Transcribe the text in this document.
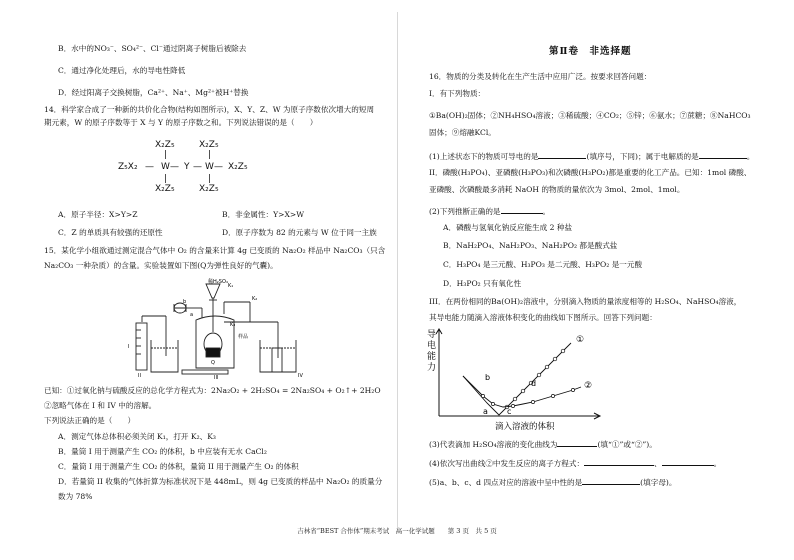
B．水中的NO₃⁻、SO₄²⁻、Cl⁻通过阴离子树脂后被除去
C．通过净化处理后，水的导电性降低
D．经过阳离子交换树脂，Ca²⁺、Na⁺、Mg²⁺被H⁺替换
14．科学家合成了一种新的共价化合物(结构如图所示)，X、Y、Z、W 为原子序数依次增大的短周
期元素，W 的原子序数等于 X 与 Y 的原子序数之和。下列说法错误的是（　　）
X₂Z₅	X₂Z₅
|	|
Z₅X₂ — W — Y — W — X₂Z₅
|	|
X₂Z₅	X₂Z₅
A．原子半径：X>Y>Z	B．非金属性：Y>X>W
C．Z 的单质具有较强的还原性	D．原子序数为 82 的元素与 W 位于同一主族
15．某化学小组欲通过测定混合气体中 O₂ 的含量来计算 4g 已变质的 Na₂O₂ 样品中 Na₂CO₃（只含
Na₂CO₃ 一种杂质）的含量。实验装置如下图(Q为弹性良好的气囊)。
稀H₂SO₄
K₁
K₂
K₃
样品
b
a
Q
I
II	III	IV
已知：①过氧化钠与硫酸反应的总化学方程式为：2Na₂O₂ + 2H₂SO₄ = 2Na₂SO₄ + O₂↑+ 2H₂O
②忽略气体在 I 和 IV 中的溶解。
下列说法正确的是（　　）
A．测定气体总体积必须关闭 K₁，打开 K₂、K₃
B．量筒 I 用于测量产生 CO₂ 的体积，b 中应装有无水 CaCl₂
C．量筒 I 用于测量产生 CO₂ 的体积，量筒 II 用于测量产生 O₂ 的体积
D．若量筒 II 收集的气体折算为标准状况下是 448mL，则 4g 已变质的样品中 Na₂O₂ 的质量分
数为 78%
第Ⅱ卷　非选择题
16．物质的分类及转化在生产生活中应用广泛。按要求回答问题：
I．有下列物质：
①Ba(OH)₂固体；②NH₄HSO₄溶液；③稀硫酸；④CO₂；⑤锌；⑥氨水；⑦蔗糖；⑧NaHCO₃
固体；⑨熔融KCl。
(1)上述状态下的物质可导电的是	(填序号，下同)；属于电解质的是	。
II．磷酸(H₃PO₄)、亚磷酸(H₃PO₃)和次磷酸(H₃PO₂)都是重要的化工产品。已知：1mol 磷酸、
亚磷酸、次磷酸最多消耗 NaOH 的物质的量依次为 3mol、2mol、1mol。
(2)下列推断正确的是	。
A．磷酸与氢氧化钠反应能生成 2 种盐
B．NaH₂PO₄、NaH₂PO₃、NaH₂PO₂ 都是酸式盐
C．H₃PO₄ 是三元酸、H₃PO₃ 是二元酸、H₃PO₂ 是一元酸
D．H₃PO₂ 只有氧化性
III．在两份相同的Ba(OH)₂溶液中，分别滴入物质的量浓度相等的 H₂SO₄、NaHSO₄溶液，
其导电能力随滴入溶液体积变化的曲线如下图所示。回答下列问题：
导
电
能
力
①
②
a
b
c
d
滴入溶液的体积
(3)代表滴加 H₂SO₄溶液的变化曲线为	(填“①”或“②”)。
(4)依次写出曲线②中发生反应的离子方程式：	、	。
(5)a、b、c、d 四点对应的溶液中呈中性的是	(填字母)。
吉林省“BEST 合作体”期末考试　高一化学试题　　第 3 页　共 5 页
